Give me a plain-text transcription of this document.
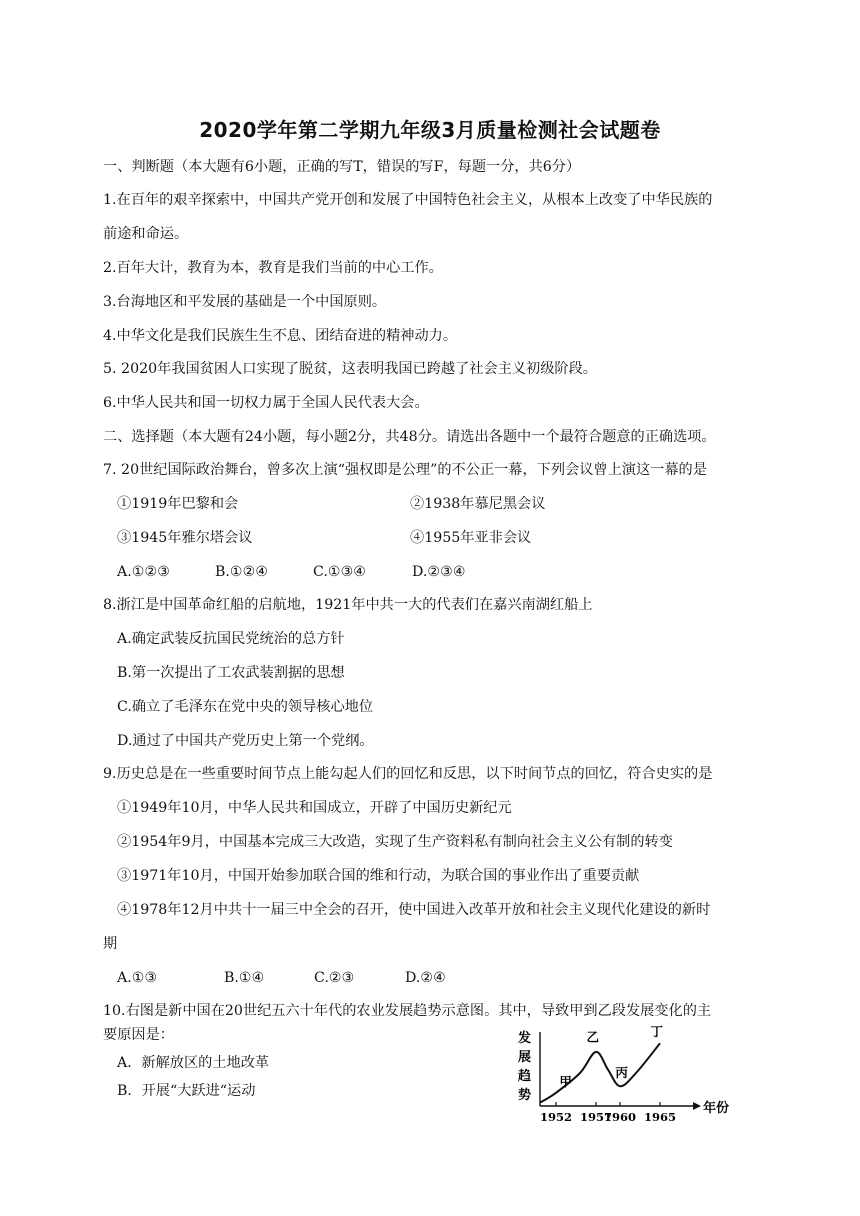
2020学年第二学期九年级3月质量检测社会试题卷
一、判断题（本大题有6小题，正确的写T，错误的写F，每题一分，共6分）
1.在百年的艰辛探索中，中国共产党开创和发展了中国特色社会主义，从根本上改变了中华民族的
前途和命运。
2.百年大计，教育为本，教育是我们当前的中心工作。
3.台海地区和平发展的基础是一个中国原则。
4.中华文化是我们民族生生不息、团结奋进的精神动力。
5. 2020年我国贫困人口实现了脱贫，这表明我国已跨越了社会主义初级阶段。
6.中华人民共和国一切权力属于全国人民代表大会。
二、选择题（本大题有24小题，每小题2分，共48分。请选出各题中一个最符合题意的正确选项。
7. 20世纪国际政治舞台，曾多次上演“强权即是公理”的不公正一幕，下列会议曾上演这一幕的是
①1919年巴黎和会	②1938年慕尼黑会议
③1945年雅尔塔会议	④1955年亚非会议
A.①②③	B.①②④	C.①③④	D.②③④
8.浙江是中国革命红船的启航地，1921年中共一大的代表们在嘉兴南湖红船上
A.确定武装反抗国民党统治的总方针
B.第一次提出了工农武装割据的思想
C.确立了毛泽东在党中央的领导核心地位
D.通过了中国共产党历史上第一个党纲。
9.历史总是在一些重要时间节点上能勾起人们的回忆和反思，以下时间节点的回忆，符合史实的是
①1949年10月，中华人民共和国成立，开辟了中国历史新纪元
②1954年9月，中国基本完成三大改造，实现了生产资料私有制向社会主义公有制的转变
③1971年10月，中国开始参加联合国的维和行动，为联合国的事业作出了重要贡献
④1978年12月中共十一届三中全会的召开，使中国进入改革开放和社会主义现代化建设的新时
期
A.①③	B.①④	C.②③	D.②④
10.右图是新中国在20世纪五六十年代的农业发展趋势示意图。其中，导致甲到乙段发展变化的主
要原因是：
A．新解放区的土地改革
B．开展“大跃进“运动
发
展
趋
势
1952 1957
1960 1965
甲
乙
丙
丁
年份
